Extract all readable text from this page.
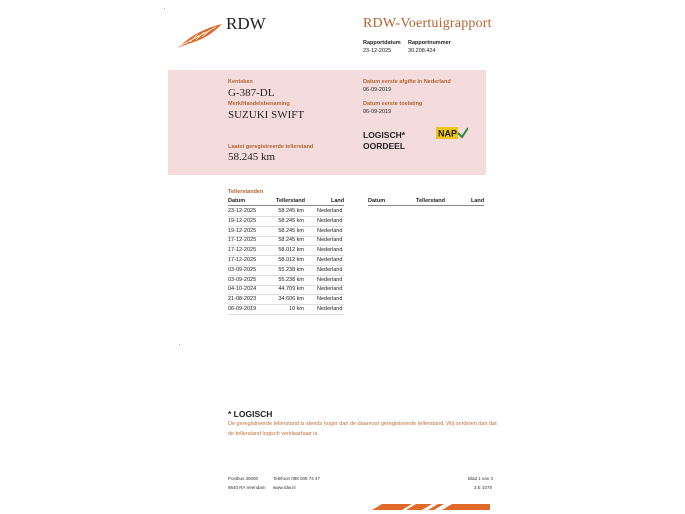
RDW	RDW-Voertuigrapport
Rapportdatum
23-12-2025
Rapportnummer
30.208.424
Kenteken
G-387-DL
Merk/Handelsbenaming
SUZUKI SWIFT
Laatst geregistreerde tellerstand
58.245 km
Datum eerste afgifte in Nederland
06-09-2019
Datum eerste toelating
06-09-2019
LOGISCH*
OORDEEL
NAP
Tellerstanden
Datum	Tellerstand	Land	Datum	Tellerstand	Land
23-12-2025	58.245 km Nederland
19-12-2025	58.245 km Nederland
19-12-2025	58.245 km Nederland
17-12-2025	58.245 km Nederland
17-12-2025	58.012 km Nederland
17-12-2025	58.012 km Nederland
03-09-2025	55.238 km Nederland
03-09-2025	55.238 km Nederland
04-10-2024	44.709 km Nederland
21-08-2023	34.606 km Nederland
06-09-2019	10 km Nederland
* LOGISCH
De geregistreerde tellerstand is steeds hoger dan de daarvoor geregistreerde tellerstand. Wij oordelen dan dat de tellerstand logisch verklaarbaar is.
Postbus 30000
9640 RA Veendam
Telefoon 088 008 74 47
www.rdw.nl
Blad 1 van 3
3.E 1079
